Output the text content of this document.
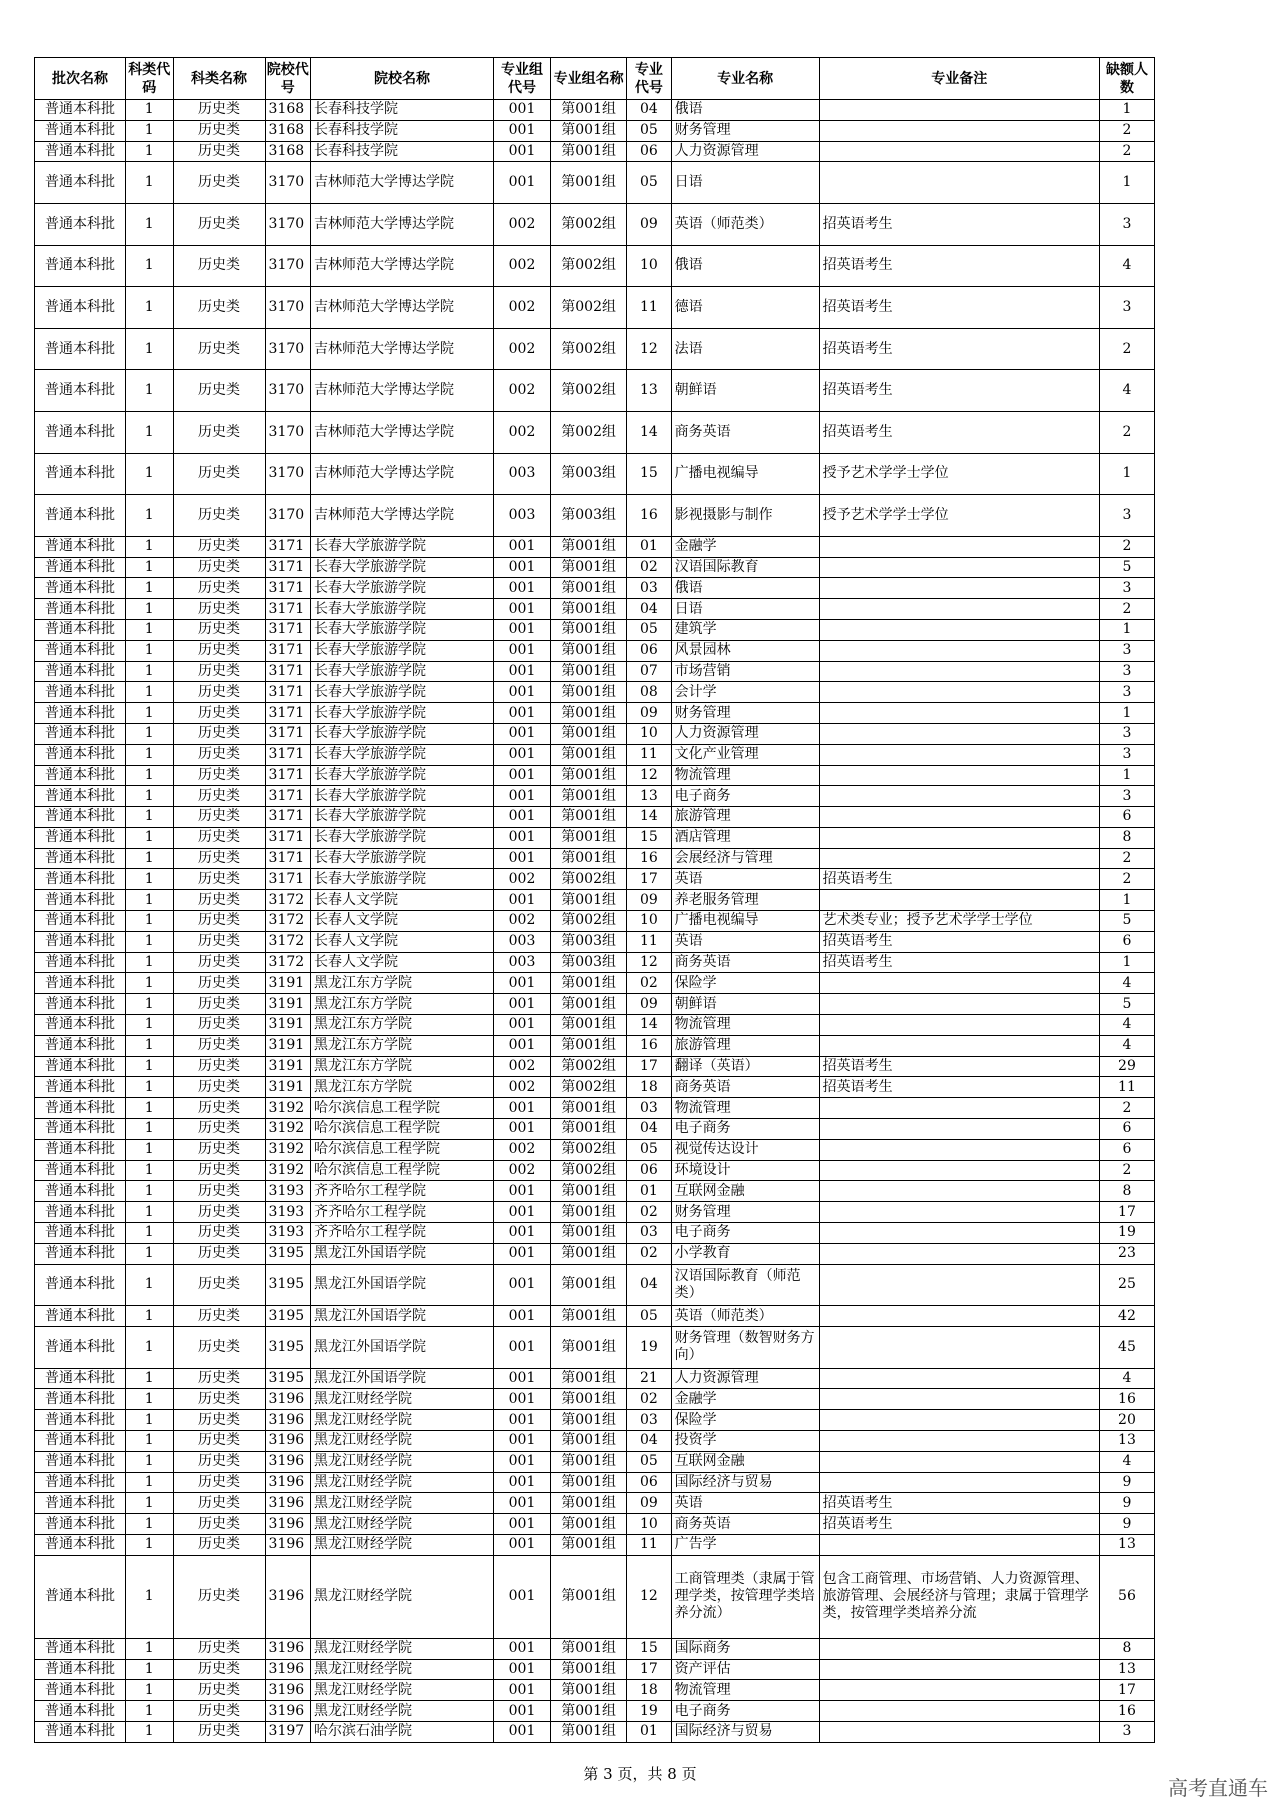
批次名称	科类代码	科类名称	院校代号	院校名称	专业组代号	专业组名称	专业代号	专业名称	专业备注	缺额人数
普通本科批	1	历史类	3168	长春科技学院	001	第001组	04	俄语		1
普通本科批	1	历史类	3168	长春科技学院	001	第001组	05	财务管理		2
普通本科批	1	历史类	3168	长春科技学院	001	第001组	06	人力资源管理		2
普通本科批	1	历史类	3170	吉林师范大学博达学院	001	第001组	05	日语		1
普通本科批	1	历史类	3170	吉林师范大学博达学院	002	第002组	09	英语（师范类）	招英语考生	3
普通本科批	1	历史类	3170	吉林师范大学博达学院	002	第002组	10	俄语	招英语考生	4
普通本科批	1	历史类	3170	吉林师范大学博达学院	002	第002组	11	德语	招英语考生	3
普通本科批	1	历史类	3170	吉林师范大学博达学院	002	第002组	12	法语	招英语考生	2
普通本科批	1	历史类	3170	吉林师范大学博达学院	002	第002组	13	朝鲜语	招英语考生	4
普通本科批	1	历史类	3170	吉林师范大学博达学院	002	第002组	14	商务英语	招英语考生	2
普通本科批	1	历史类	3170	吉林师范大学博达学院	003	第003组	15	广播电视编导	授予艺术学学士学位	1
普通本科批	1	历史类	3170	吉林师范大学博达学院	003	第003组	16	影视摄影与制作	授予艺术学学士学位	3
普通本科批	1	历史类	3171	长春大学旅游学院	001	第001组	01	金融学		2
普通本科批	1	历史类	3171	长春大学旅游学院	001	第001组	02	汉语国际教育		5
普通本科批	1	历史类	3171	长春大学旅游学院	001	第001组	03	俄语		3
普通本科批	1	历史类	3171	长春大学旅游学院	001	第001组	04	日语		2
普通本科批	1	历史类	3171	长春大学旅游学院	001	第001组	05	建筑学		1
普通本科批	1	历史类	3171	长春大学旅游学院	001	第001组	06	风景园林		3
普通本科批	1	历史类	3171	长春大学旅游学院	001	第001组	07	市场营销		3
普通本科批	1	历史类	3171	长春大学旅游学院	001	第001组	08	会计学		3
普通本科批	1	历史类	3171	长春大学旅游学院	001	第001组	09	财务管理		1
普通本科批	1	历史类	3171	长春大学旅游学院	001	第001组	10	人力资源管理		3
普通本科批	1	历史类	3171	长春大学旅游学院	001	第001组	11	文化产业管理		3
普通本科批	1	历史类	3171	长春大学旅游学院	001	第001组	12	物流管理		1
普通本科批	1	历史类	3171	长春大学旅游学院	001	第001组	13	电子商务		3
普通本科批	1	历史类	3171	长春大学旅游学院	001	第001组	14	旅游管理		6
普通本科批	1	历史类	3171	长春大学旅游学院	001	第001组	15	酒店管理		8
普通本科批	1	历史类	3171	长春大学旅游学院	001	第001组	16	会展经济与管理		2
普通本科批	1	历史类	3171	长春大学旅游学院	002	第002组	17	英语	招英语考生	2
普通本科批	1	历史类	3172	长春人文学院	001	第001组	09	养老服务管理		1
普通本科批	1	历史类	3172	长春人文学院	002	第002组	10	广播电视编导	艺术类专业；授予艺术学学士学位	5
普通本科批	1	历史类	3172	长春人文学院	003	第003组	11	英语	招英语考生	6
普通本科批	1	历史类	3172	长春人文学院	003	第003组	12	商务英语	招英语考生	1
普通本科批	1	历史类	3191	黑龙江东方学院	001	第001组	02	保险学		4
普通本科批	1	历史类	3191	黑龙江东方学院	001	第001组	09	朝鲜语		5
普通本科批	1	历史类	3191	黑龙江东方学院	001	第001组	14	物流管理		4
普通本科批	1	历史类	3191	黑龙江东方学院	001	第001组	16	旅游管理		4
普通本科批	1	历史类	3191	黑龙江东方学院	002	第002组	17	翻译（英语）	招英语考生	29
普通本科批	1	历史类	3191	黑龙江东方学院	002	第002组	18	商务英语	招英语考生	11
普通本科批	1	历史类	3192	哈尔滨信息工程学院	001	第001组	03	物流管理		2
普通本科批	1	历史类	3192	哈尔滨信息工程学院	001	第001组	04	电子商务		6
普通本科批	1	历史类	3192	哈尔滨信息工程学院	002	第002组	05	视觉传达设计		6
普通本科批	1	历史类	3192	哈尔滨信息工程学院	002	第002组	06	环境设计		2
普通本科批	1	历史类	3193	齐齐哈尔工程学院	001	第001组	01	互联网金融		8
普通本科批	1	历史类	3193	齐齐哈尔工程学院	001	第001组	02	财务管理		17
普通本科批	1	历史类	3193	齐齐哈尔工程学院	001	第001组	03	电子商务		19
普通本科批	1	历史类	3195	黑龙江外国语学院	001	第001组	02	小学教育		23
普通本科批	1	历史类	3195	黑龙江外国语学院	001	第001组	04	汉语国际教育（师范类）		25
普通本科批	1	历史类	3195	黑龙江外国语学院	001	第001组	05	英语（师范类）		42
普通本科批	1	历史类	3195	黑龙江外国语学院	001	第001组	19	财务管理（数智财务方向）		45
普通本科批	1	历史类	3195	黑龙江外国语学院	001	第001组	21	人力资源管理		4
普通本科批	1	历史类	3196	黑龙江财经学院	001	第001组	02	金融学		16
普通本科批	1	历史类	3196	黑龙江财经学院	001	第001组	03	保险学		20
普通本科批	1	历史类	3196	黑龙江财经学院	001	第001组	04	投资学		13
普通本科批	1	历史类	3196	黑龙江财经学院	001	第001组	05	互联网金融		4
普通本科批	1	历史类	3196	黑龙江财经学院	001	第001组	06	国际经济与贸易		9
普通本科批	1	历史类	3196	黑龙江财经学院	001	第001组	09	英语	招英语考生	9
普通本科批	1	历史类	3196	黑龙江财经学院	001	第001组	10	商务英语	招英语考生	9
普通本科批	1	历史类	3196	黑龙江财经学院	001	第001组	11	广告学		13
普通本科批	1	历史类	3196	黑龙江财经学院	001	第001组	12	工商管理类（隶属于管理学类，按管理学类培养分流）	包含工商管理、市场营销、人力资源管理、旅游管理、会展经济与管理；隶属于管理学类，按管理学类培养分流	56
普通本科批	1	历史类	3196	黑龙江财经学院	001	第001组	15	国际商务		8
普通本科批	1	历史类	3196	黑龙江财经学院	001	第001组	17	资产评估		13
普通本科批	1	历史类	3196	黑龙江财经学院	001	第001组	18	物流管理		17
普通本科批	1	历史类	3196	黑龙江财经学院	001	第001组	19	电子商务		16
普通本科批	1	历史类	3197	哈尔滨石油学院	001	第001组	01	国际经济与贸易		3
第 3 页，共 8 页
高考直通车
